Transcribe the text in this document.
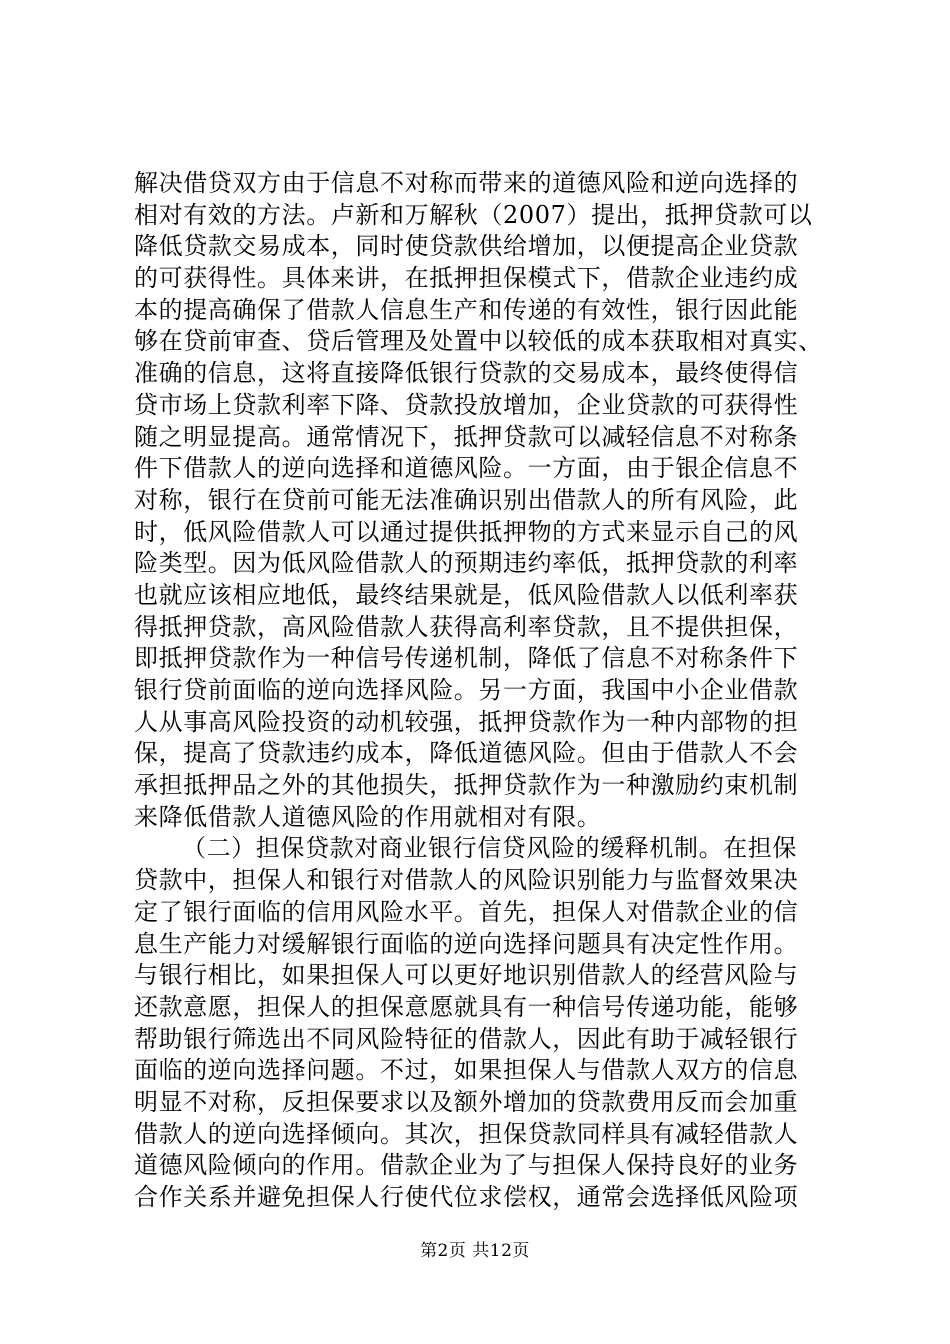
解决借贷双方由于信息不对称而带来的道德风险和逆向选择的
相对有效的方法。卢新和万解秋（2007）提出，抵押贷款可以
降低贷款交易成本，同时使贷款供给增加，以便提高企业贷款
的可获得性。具体来讲，在抵押担保模式下，借款企业违约成
本的提高确保了借款人信息生产和传递的有效性，银行因此能
够在贷前审查、贷后管理及处置中以较低的成本获取相对真实、
准确的信息，这将直接降低银行贷款的交易成本，最终使得信
贷市场上贷款利率下降、贷款投放增加，企业贷款的可获得性
随之明显提高。通常情况下，抵押贷款可以减轻信息不对称条
件下借款人的逆向选择和道德风险。一方面，由于银企信息不
对称，银行在贷前可能无法准确识别出借款人的所有风险，此
时，低风险借款人可以通过提供抵押物的方式来显示自己的风
险类型。因为低风险借款人的预期违约率低，抵押贷款的利率
也就应该相应地低，最终结果就是，低风险借款人以低利率获
得抵押贷款，高风险借款人获得高利率贷款，且不提供担保，
即抵押贷款作为一种信号传递机制，降低了信息不对称条件下
银行贷前面临的逆向选择风险。另一方面，我国中小企业借款
人从事高风险投资的动机较强，抵押贷款作为一种内部物的担
保，提高了贷款违约成本，降低道德风险。但由于借款人不会
承担抵押品之外的其他损失，抵押贷款作为一种激励约束机制
来降低借款人道德风险的作用就相对有限。
（二）担保贷款对商业银行信贷风险的缓释机制。在担保
贷款中，担保人和银行对借款人的风险识别能力与监督效果决
定了银行面临的信用风险水平。首先，担保人对借款企业的信
息生产能力对缓解银行面临的逆向选择问题具有决定性作用。
与银行相比，如果担保人可以更好地识别借款人的经营风险与
还款意愿，担保人的担保意愿就具有一种信号传递功能，能够
帮助银行筛选出不同风险特征的借款人，因此有助于减轻银行
面临的逆向选择问题。不过，如果担保人与借款人双方的信息
明显不对称，反担保要求以及额外增加的贷款费用反而会加重
借款人的逆向选择倾向。其次，担保贷款同样具有减轻借款人
道德风险倾向的作用。借款企业为了与担保人保持良好的业务
合作关系并避免担保人行使代位求偿权，通常会选择低风险项
第2页 共12页
